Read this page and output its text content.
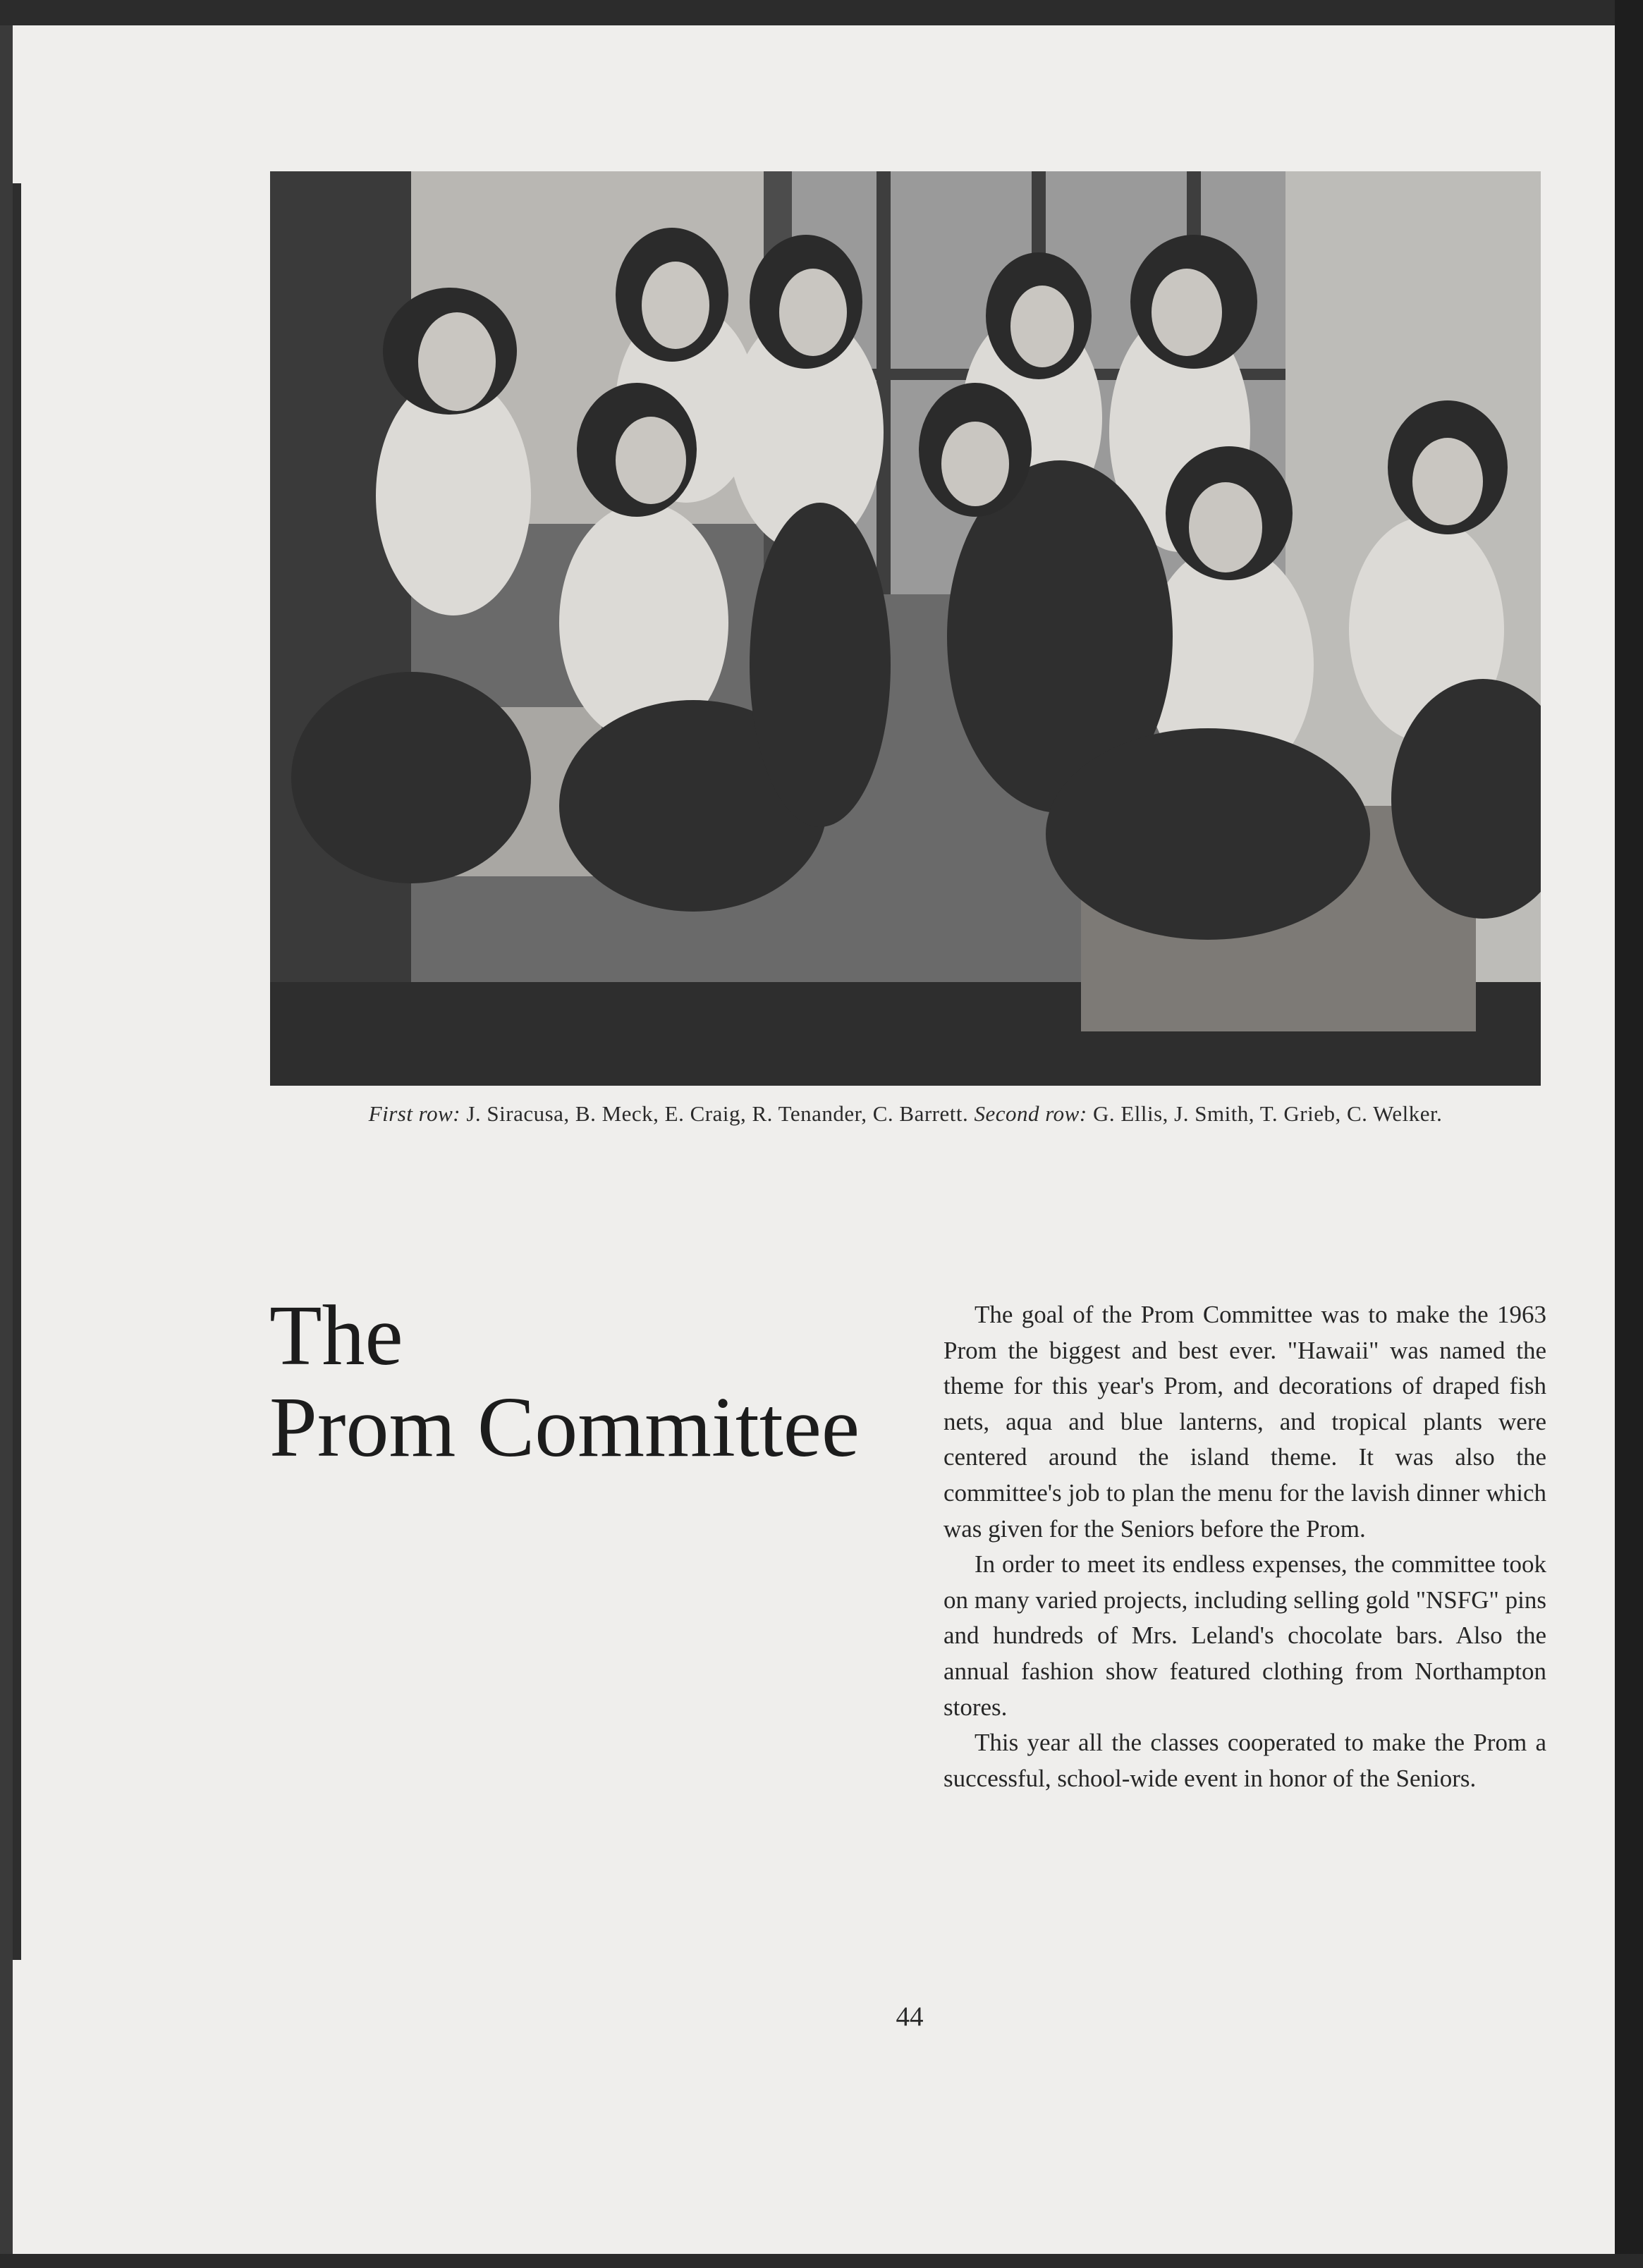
First row: J. Siracusa, B. Meck, E. Craig, R. Tenander, C. Barrett. Second row: G. Ellis, J. Smith, T. Grieb, C. Welker.
The
Prom Committee

The goal of the Prom Committee was to make the 1963 Prom the biggest and best ever. "Hawaii" was named the theme for this year's Prom, and decorations of draped fish nets, aqua and blue lanterns, and tropical plants were centered around the island theme. It was also the committee's job to plan the menu for the lavish dinner which was given for the Seniors before the Prom.

In order to meet its endless expenses, the committee took on many varied projects, including selling gold "NSFG" pins and hundreds of Mrs. Leland's chocolate bars. Also the annual fashion show featured clothing from Northampton stores.

This year all the classes cooperated to make the Prom a successful, school-wide event in honor of the Seniors.

44
